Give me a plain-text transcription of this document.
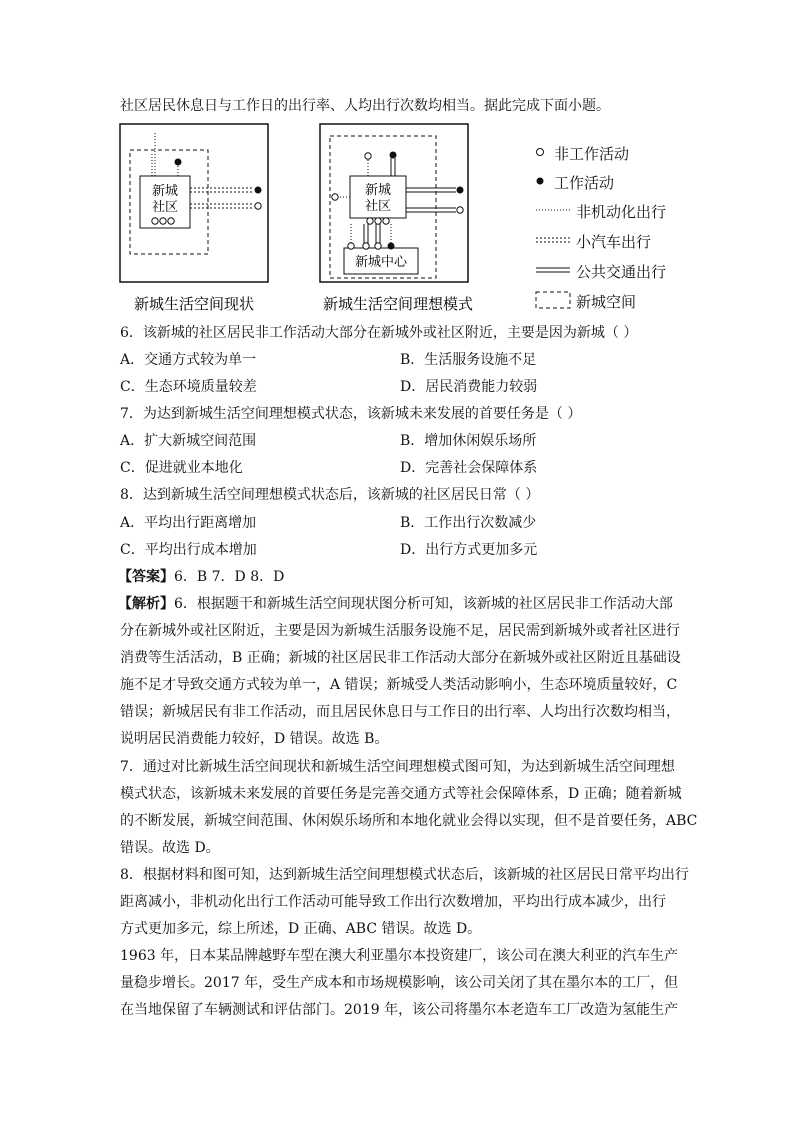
社区居民休息日与工作日的出行率、人均出行次数均相当。据此完成下面小题。
新城
社区
新城生活空间现状
新城
社区
新城中心
新城生活空间理想模式
非工作活动
工作活动
非机动化出行
小汽车出行
公共交通出行
新城空间
6．该新城的社区居民非工作活动大部分在新城外或社区附近，主要是因为新城（ ）
A．交通方式较为单一	B．生活服务设施不足
C．生态环境质量较差	D．居民消费能力较弱
7．为达到新城生活空间理想模式状态，该新城未来发展的首要任务是（ ）
A．扩大新城空间范围	B．增加休闲娱乐场所
C．促进就业本地化	D．完善社会保障体系
8．达到新城生活空间理想模式状态后，该新城的社区居民日常（ ）
A．平均出行距离增加	B．工作出行次数减少
C．平均出行成本增加	D．出行方式更加多元
【答案】6．B 7．D 8．D
【解析】6．根据题干和新城生活空间现状图分析可知，该新城的社区居民非工作活动大部
分在新城外或社区附近，主要是因为新城生活服务设施不足，居民需到新城外或者社区进行
消费等生活活动，B 正确；新城的社区居民非工作活动大部分在新城外或社区附近且基础设
施不足才导致交通方式较为单一，A 错误；新城受人类活动影响小，生态环境质量较好，C
错误；新城居民有非工作活动，而且居民休息日与工作日的出行率、人均出行次数均相当，
说明居民消费能力较好，D 错误。故选 B。
7．通过对比新城生活空间现状和新城生活空间理想模式图可知，为达到新城生活空间理想
模式状态，该新城未来发展的首要任务是完善交通方式等社会保障体系，D 正确；随着新城
的不断发展，新城空间范围、休闲娱乐场所和本地化就业会得以实现，但不是首要任务，ABC
错误。故选 D。
8．根据材料和图可知，达到新城生活空间理想模式状态后，该新城的社区居民日常平均出行
距离减小，非机动化出行工作活动可能导致工作出行次数增加，平均出行成本减少，出行
方式更加多元，综上所述，D 正确、ABC 错误。故选 D。
1963 年，日本某品牌越野车型在澳大利亚墨尔本投资建厂，该公司在澳大利亚的汽车生产
量稳步增长。2017 年，受生产成本和市场规模影响，该公司关闭了其在墨尔本的工厂，但
在当地保留了车辆测试和评估部门。2019 年，该公司将墨尔本老造车工厂改造为氢能生产
